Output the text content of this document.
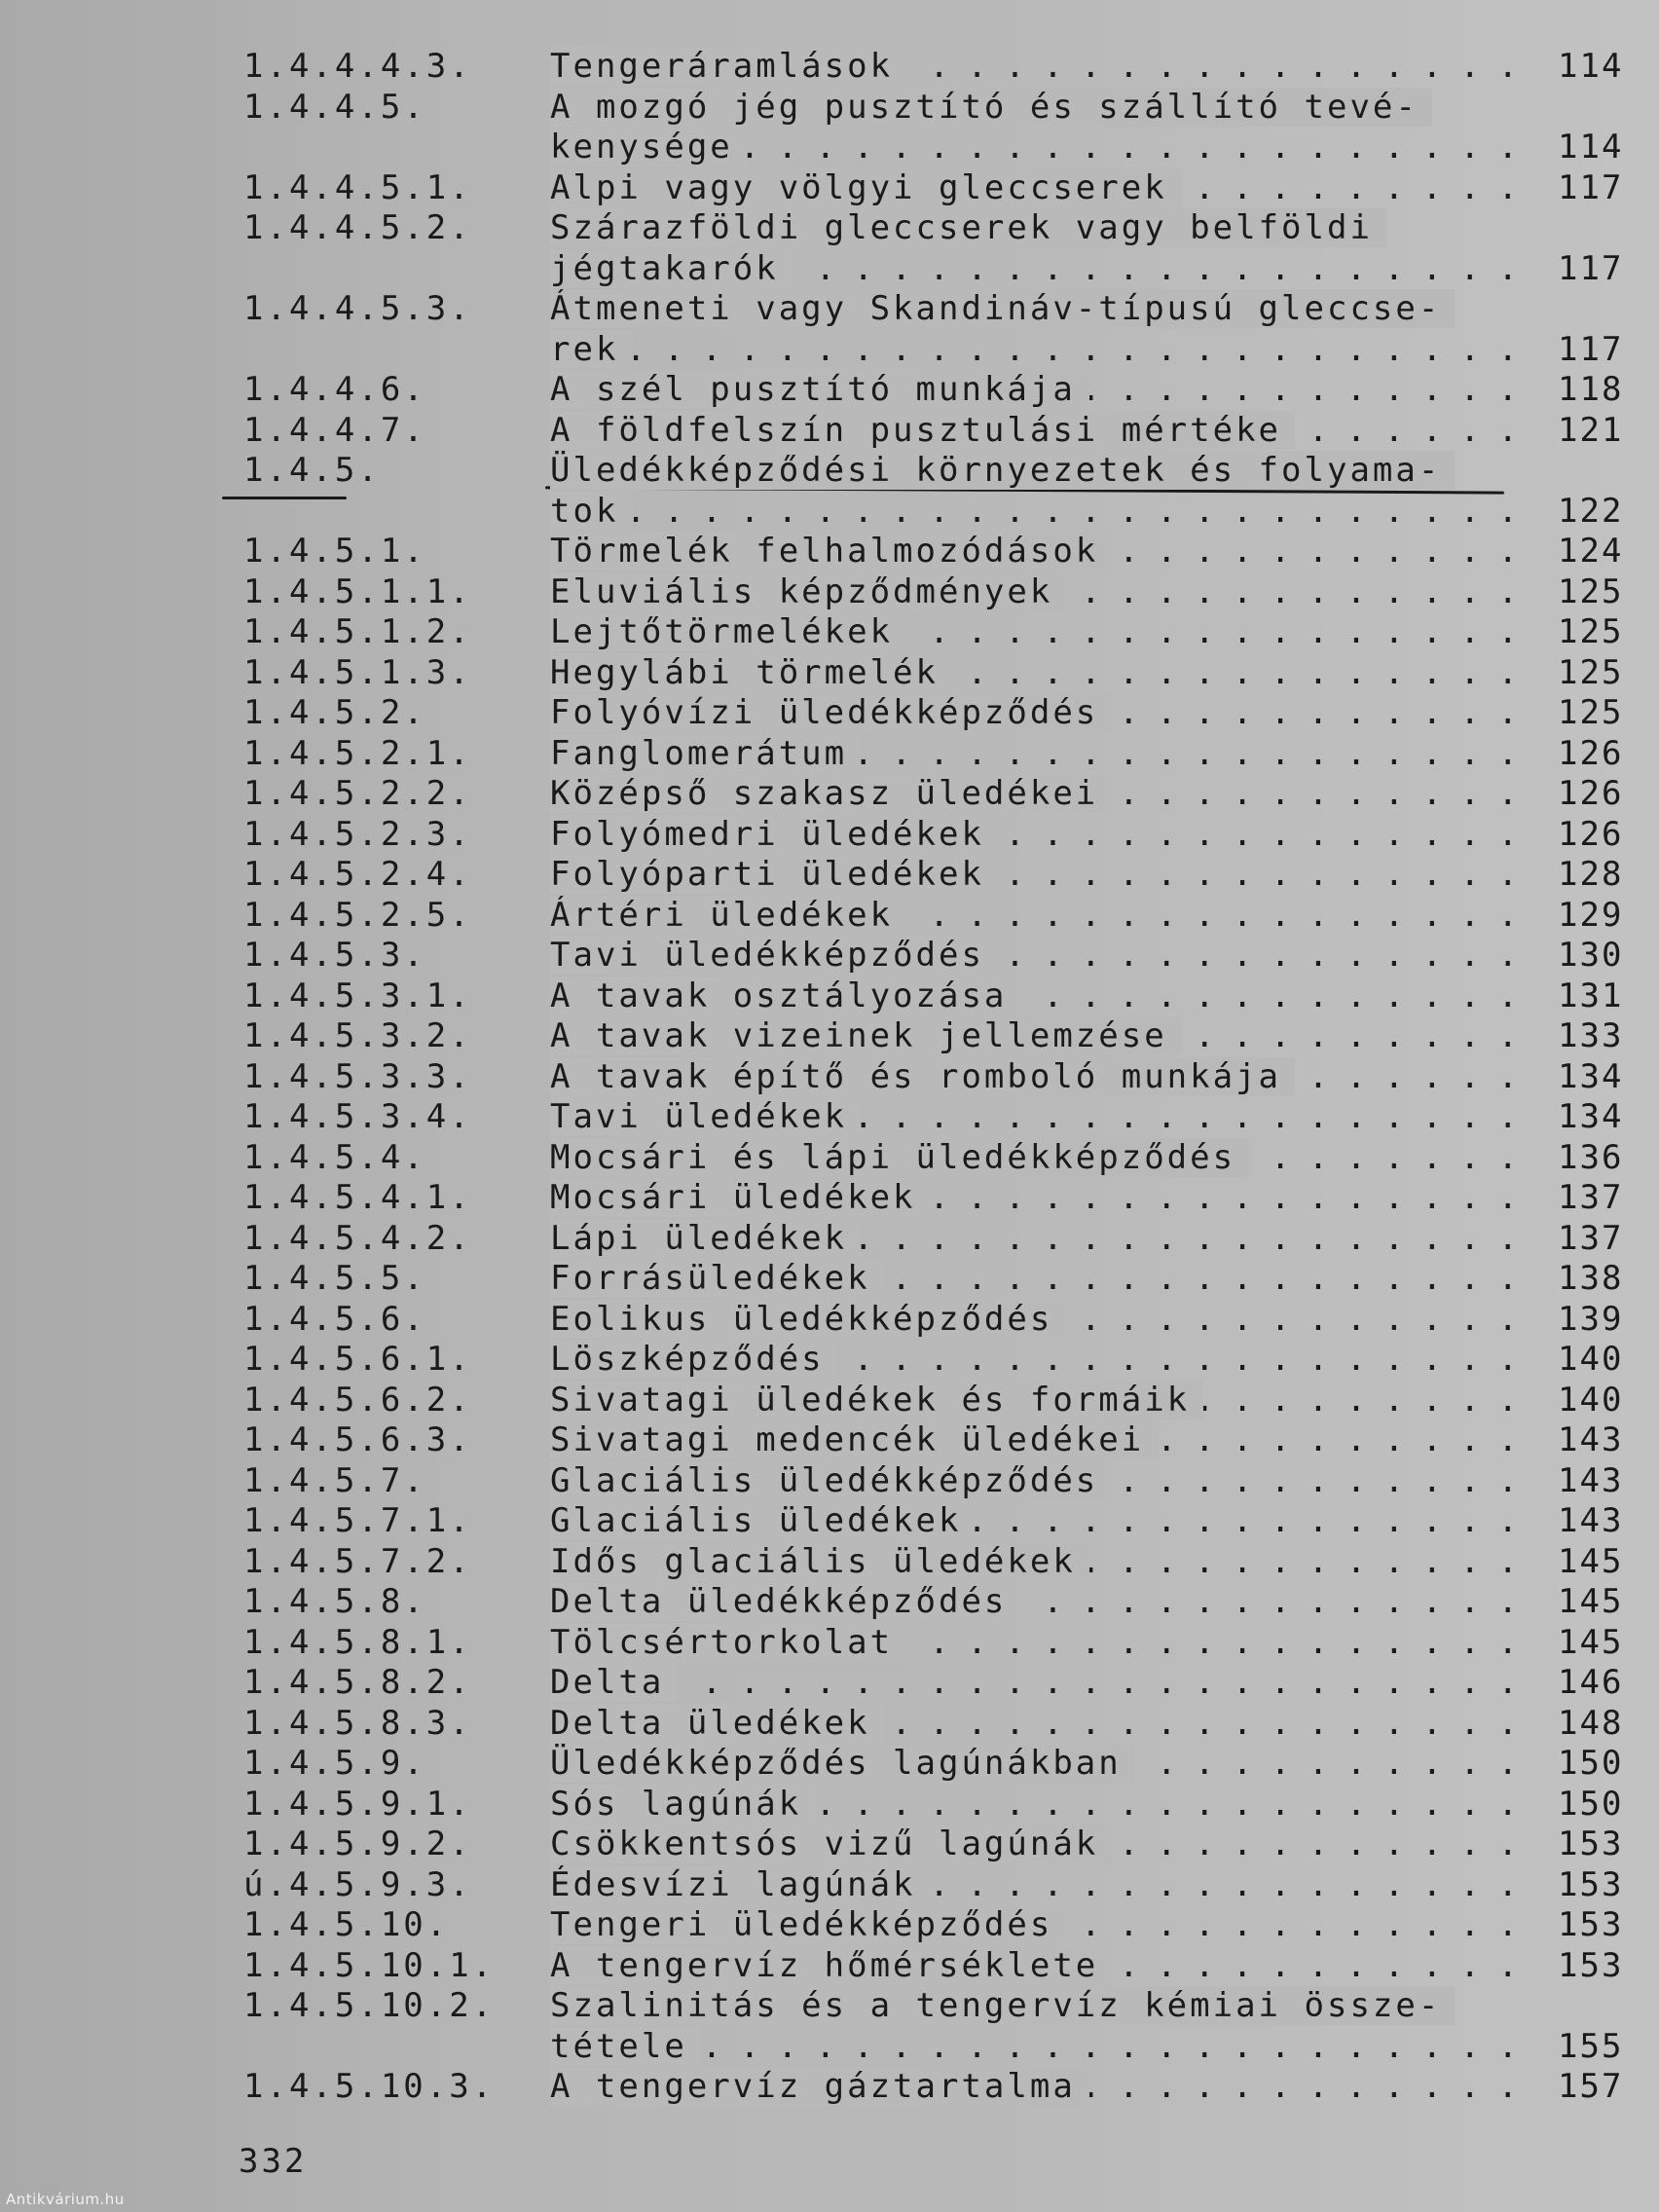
1.4.4.4.3. Tengeráramlások . . .	114
1.4.4.5.	A mozgó jég pusztító és szállító tevé-
kenysége . . .	114
1.4.4.5.1. Alpi vagy völgyi gleccserek . . .	117
1.4.4.5.2. Szárazföldi gleccserek vagy belföldi
jégtakarók . . .	117
1.4.4.5.3. Átmeneti vagy Skandináv-típusú gleccse-
rek . . .	117
1.4.4.6.	A szél pusztító munkája . . .	118
1.4.4.7.	A földfelszín pusztulási mértéke . . .	121
1.4.5.	Üledékképződési környezetek és folyama-
tok . . .	122
1.4.5.1.	Törmelék felhalmozódások . . .	124
1.4.5.1.1. Eluviális képződmények . . .	125
1.4.5.1.2. Lejtőtörmelékek . . .	125
1.4.5.1.3. Hegylábi törmelék . . .	125
1.4.5.2.	Folyóvízi üledékképződés . . .	125
1.4.5.2.1. Fanglomerátum . . .	126
1.4.5.2.2. Középső szakasz üledékei . . .	126
1.4.5.2.3. Folyómedri üledékek . . .	126
1.4.5.2.4. Folyóparti üledékek . . .	128
1.4.5.2.5. Ártéri üledékek . . .	129
1.4.5.3.	Tavi üledékképződés . . .	130
1.4.5.3.1. A tavak osztályozása . . .	131
1.4.5.3.2. A tavak vizeinek jellemzése . . .	133
1.4.5.3.3. A tavak építő és romboló munkája . . .	134
1.4.5.3.4. Tavi üledékek . . .	134
1.4.5.4.	Mocsári és lápi üledékképződés . . .	136
1.4.5.4.1. Mocsári üledékek . . .	137
1.4.5.4.2. Lápi üledékek . . .	137
1.4.5.5.	Forrásüledékek . . .	138
1.4.5.6.	Eolikus üledékképződés . . .	139
1.4.5.6.1. Löszképződés . . .	140
1.4.5.6.2. Sivatagi üledékek és formáik . . .	140
1.4.5.6.3. Sivatagi medencék üledékei . . .	143
1.4.5.7.	Glaciális üledékképződés . . .	143
1.4.5.7.1. Glaciális üledékek . . .	143
1.4.5.7.2. Idős glaciális üledékek . . .	145
1.4.5.8.	Delta üledékképződés . . .	145
1.4.5.8.1. Tölcsértorkolat . . .	145
1.4.5.8.2. Delta . . .	146
1.4.5.8.3. Delta üledékek . . .	148
1.4.5.9.	Üledékképződés lagúnákban . . .	150
1.4.5.9.1. Sós lagúnák . . .	150
1.4.5.9.2. Csökkentsós vizű lagúnák . . .	153
ú.4.5.9.3. Édesvízi lagúnák . . .	153
1.4.5.10.	Tengeri üledékképződés . . .	153
1.4.5.10.1. A tengervíz hőmérséklete . . .	153
1.4.5.10.2. Szalinitás és a tengervíz kémiai össze-
tétele . . .	155
1.4.5.10.3. A tengervíz gáztartalma . . .	157
332
Antikvárium.hu
